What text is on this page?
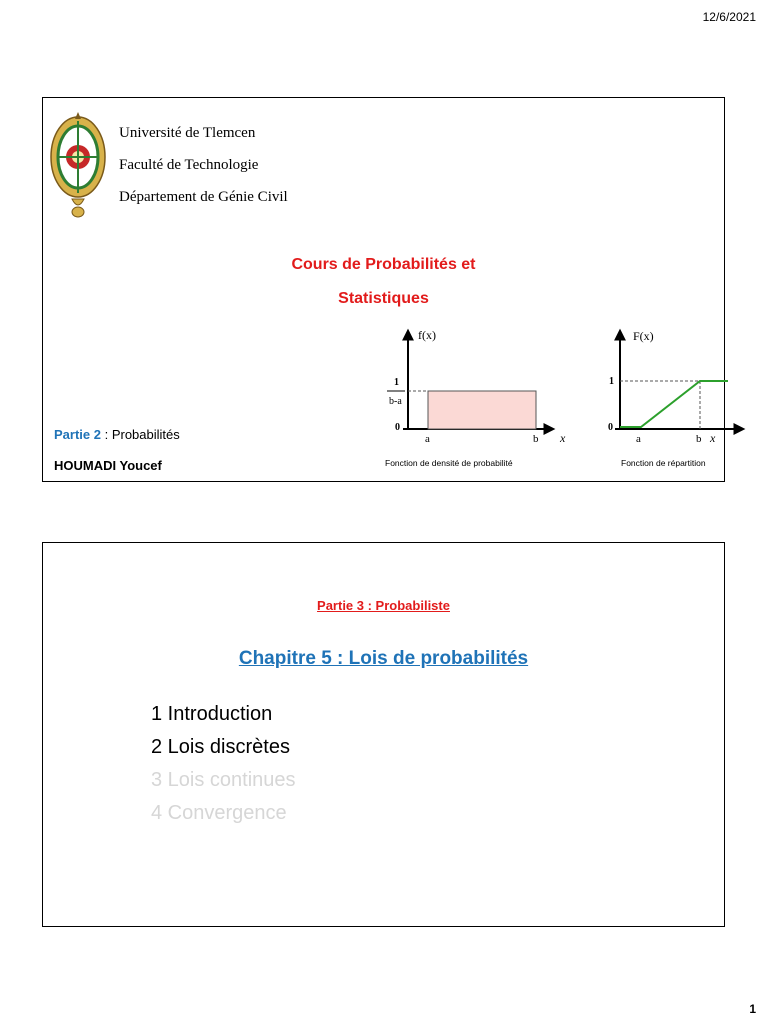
12/6/2021
Université de Tlemcen
Faculté de Technologie
Département de Génie Civil
Cours de Probabilités et
Statistiques
f(x)
1
b-a
0
a	b x
Fonction de densité de probabilité
F(x)
1
0
a	b x
Fonction de répartition
Partie 2 : Probabilités
HOUMADI Youcef
Partie 3 : Probabiliste
Chapitre 5 : Lois de probabilités
1 Introduction
2 Lois discrètes
3 Lois continues
4 Convergence
1
